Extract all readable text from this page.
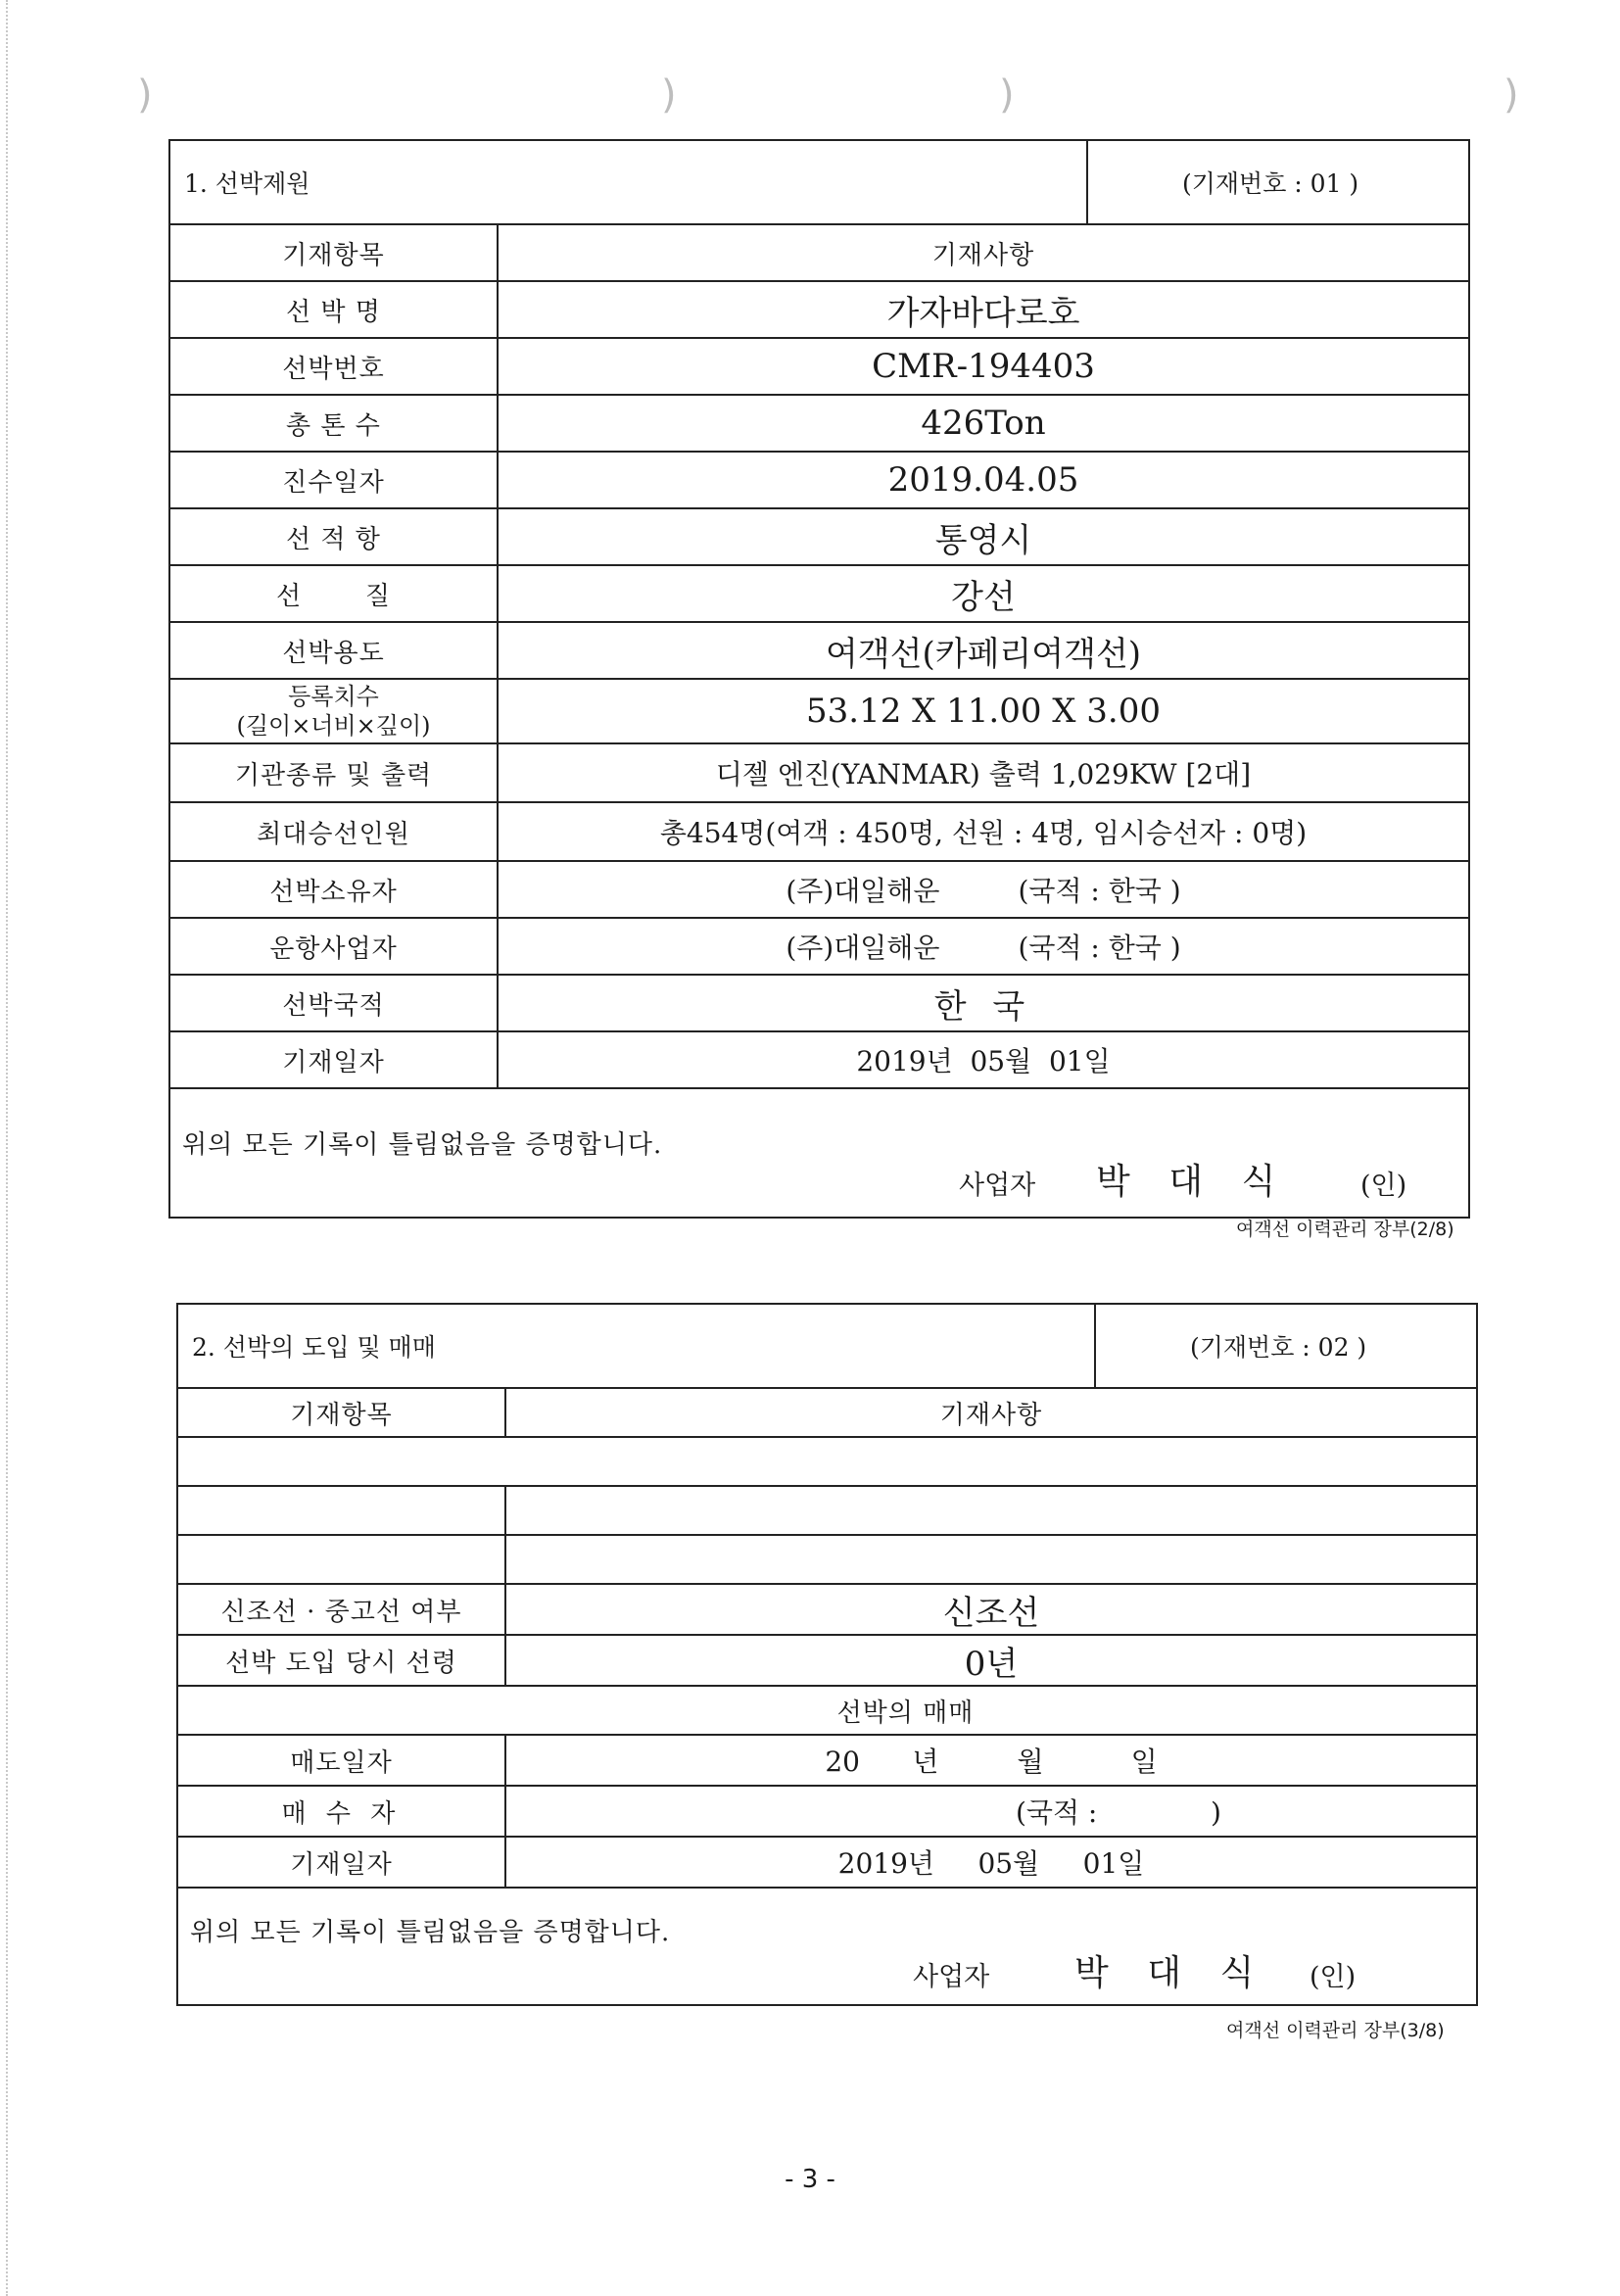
)	)	)	)
1. 선박제원		(기재번호 : 01 )
기재항목	기재사항	
선 박 명	가자바다로호	
선박번호	CMR-194403	
총 톤 수	426Ton	
진수일자	2019.04.05	
선 적 항	통영시	
선       질	강선	
선박용도	여객선(카페리여객선)	

등록치수
(길이×너비×깊이)	53.12 X 11.00 X 3.00	
기관종류 및 출력	디젤 엔진(YANMAR) 출력 1,029KW [2대]	
최대승선인원	총454명(여객 : 450명, 선원 : 4명, 임시승선자 : 0명)	
선박소유자	(주)대일해운         (국적 : 한국 )	
운항사업자	(주)대일해운         (국적 : 한국 )	
선박국적	한 국	
기재일자	2019년  05월  01일	

위의 모든 기록이 틀림없음을 증명합니다.
사업자 박 대 식 (인)		
여객선 이력관리 장부(2/8)
2. 선박의 도입 및 매매		(기재번호 : 02 )
기재항목	기재사항	

신조선 · 중고선 여부	신조선	
선박 도입 당시 선령	0년	
선박의 매매		
매도일자	20      년         월          일	
매 수 자	(국적 :             )	
기재일자	2019년     05월     01일	

위의 모든 기록이 틀림없음을 증명합니다.
사업자 박 대 식 (인)		
여객선 이력관리 장부(3/8)
- 3 -
